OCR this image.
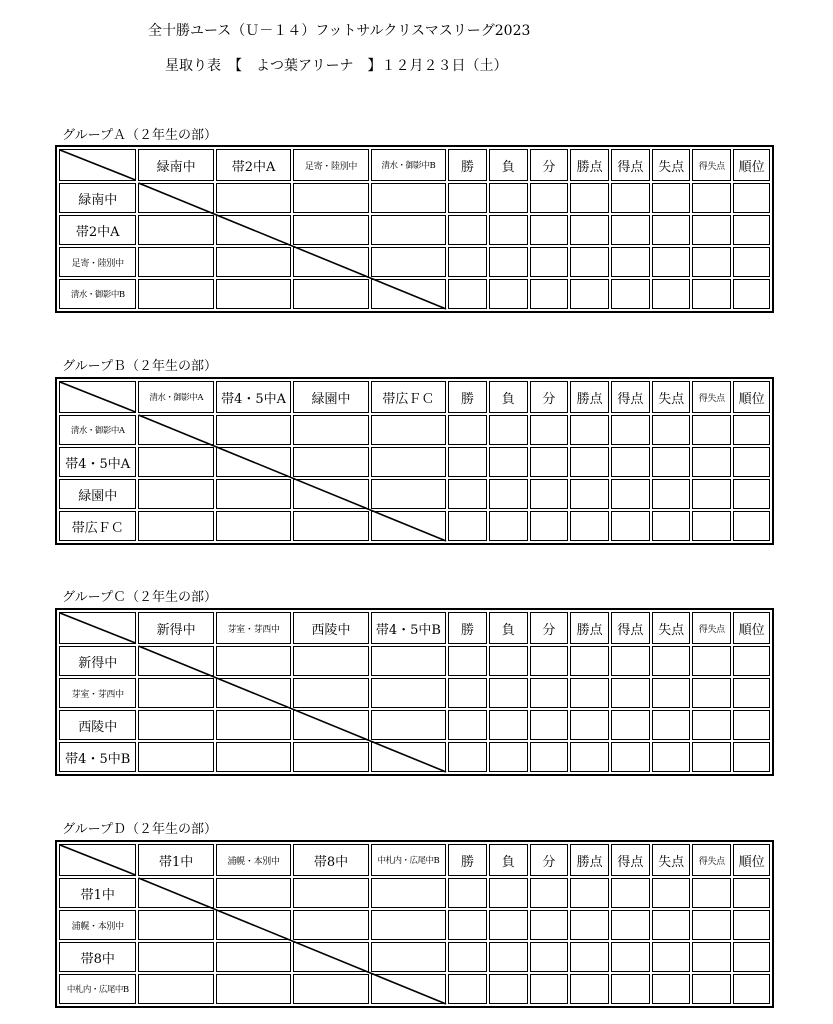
全十勝ユース（Ｕ－１４）フットサルクリスマスリーグ2023
星取り表　【　よつ葉アリーナ　】１２月２３日（土）
グループＡ（２年生の部）
	緑南中	帯2中A	足寄・陸別中	清水・御影中B	勝	負	分	勝点	得点	失点	得失点	順位
緑南中												
帯2中A												
足寄・陸別中												
清水・御影中B												
グループＢ（２年生の部）
	清水・御影中A	帯4・5中A	緑園中	帯広ＦＣ	勝	負	分	勝点	得点	失点	得失点	順位
清水・御影中A												
帯4・5中A												
緑園中												
帯広ＦＣ												
グループＣ（２年生の部）
	新得中	芽室・芽西中	西陵中	帯4・5中B	勝	負	分	勝点	得点	失点	得失点	順位
新得中												
芽室・芽西中												
西陵中												
帯4・5中B												
グループＤ（２年生の部）
	帯1中	浦幌・本別中	帯8中	中札内・広尾中B	勝	負	分	勝点	得点	失点	得失点	順位
帯1中												
浦幌・本別中												
帯8中												
中札内・広尾中B												
